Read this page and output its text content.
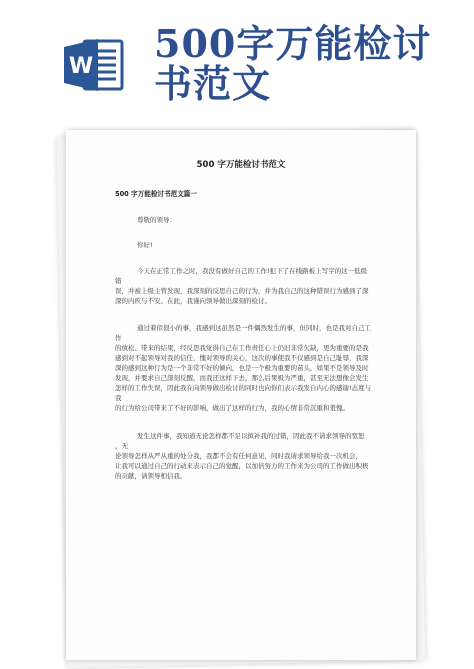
W
500字万能检讨
书范文
500 字万能检讨书范文
500 字万能检讨书范文篇一
尊敬的领导：
你好!

今天在正常工作之时，我没有做好自己的工作!犯下了在线路板上写字的这一低级错

误，并被上级主管发现，我深刻的反思自己的行为，并为我自己的这种错误行为感到了深

深的内疚与不安。在此，我谨向领导做出深刻的检讨。

通过着似很小的事，我感到这虽然是一件偶然发生的事，但同时，也是我对自己工作

的放松、带来的结果，经反思我觉得自己在工作责任心上仍旧非常欠缺，更为重要的是我

感到对不起领导对我的信任，愧对领导的关心，这次的事使我不仅感到是自己耻辱，我深

深的感到这种行为是一个非常不好的倾向，也是一个极为重要的苗头，如果不是领导及时

发现，并要求自己深刻反醒，而我还这样下去，那么后果极为严重，甚至无法想像会发生

怎样的工作失误，因此我在向领导做出检讨的同时也向你们表示我发自内心的感谢!态度与我

的行为给公司带来了不好的影响，做出了这样的行为，我的心情非常沉重和羞愧。

发生这件事，我知道无论怎样都不足以拟补我的过错，因此我不请求领导的宽恕 ，无

论领导怎样从严从重的处分我，我都不会有任何意见，同时我请求领导给我一次机会，

让我可以通过自己的行动来表示自己的觉醒，以加倍努力的工作来为公司的工作做出积极

的贡献，请领导相信我。
